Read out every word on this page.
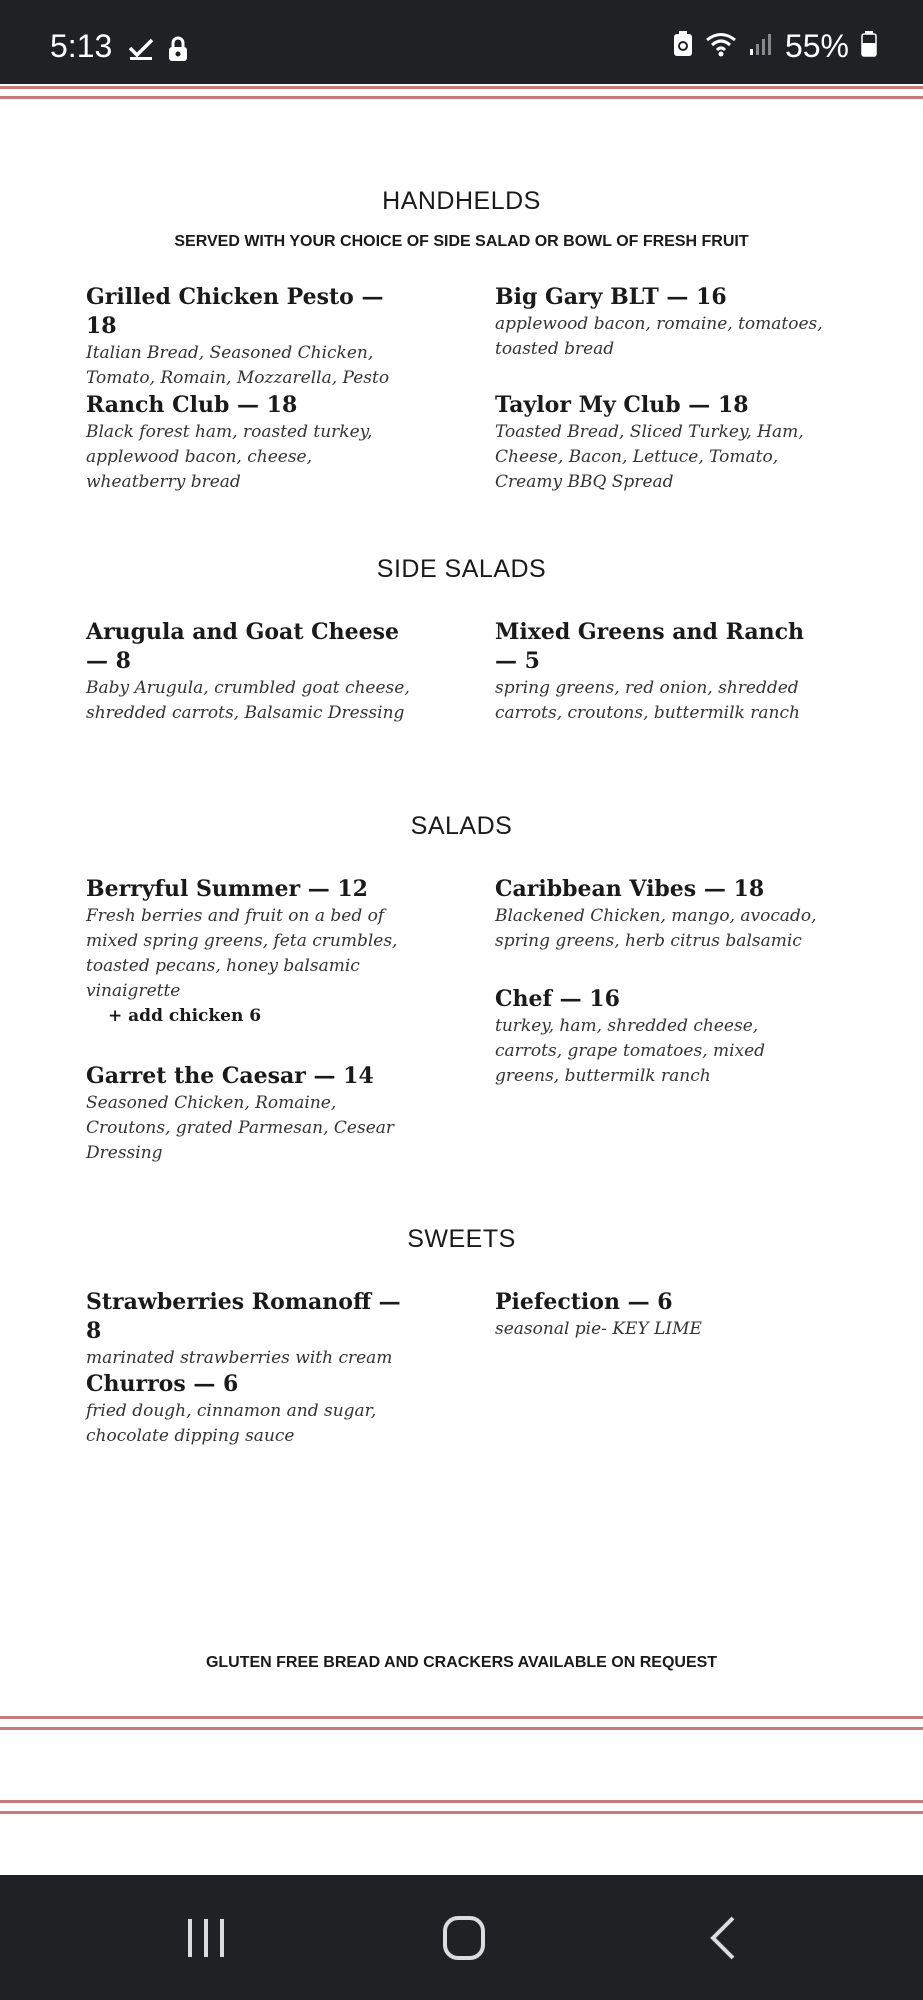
5:13	55%
HANDHELDS
SERVED WITH YOUR CHOICE OF SIDE SALAD OR BOWL OF FRESH FRUIT
Grilled Chicken Pesto — 18
Italian Bread, Seasoned Chicken, Tomato, Romain, Mozzarella, Pesto
Big Gary BLT — 16
applewood bacon, romaine, tomatoes, toasted bread
Ranch Club — 18
Black forest ham, roasted turkey, applewood bacon, cheese, wheatberry bread
Taylor My Club — 18
Toasted Bread, Sliced Turkey, Ham, Cheese, Bacon, Lettuce, Tomato, Creamy BBQ Spread
SIDE SALADS
Arugula and Goat Cheese — 8
Baby Arugula, crumbled goat cheese, shredded carrots, Balsamic Dressing
Mixed Greens and Ranch — 5
spring greens, red onion, shredded carrots, croutons, buttermilk ranch
SALADS
Berryful Summer — 12
Fresh berries and fruit on a bed of mixed spring greens, feta crumbles, toasted pecans, honey balsamic vinaigrette
+ add chicken 6
Caribbean Vibes — 18
Blackened Chicken, mango, avocado, spring greens, herb citrus balsamic
Chef — 16
turkey, ham, shredded cheese, carrots, grape tomatoes, mixed greens, buttermilk ranch
Garret the Caesar — 14
Seasoned Chicken, Romaine, Croutons, grated Parmesan, Cesear Dressing
SWEETS
Strawberries Romanoff — 8
marinated strawberries with cream
Piefection — 6
seasonal pie- KEY LIME
Churros — 6
fried dough, cinnamon and sugar, chocolate dipping sauce
GLUTEN FREE BREAD AND CRACKERS AVAILABLE ON REQUEST
